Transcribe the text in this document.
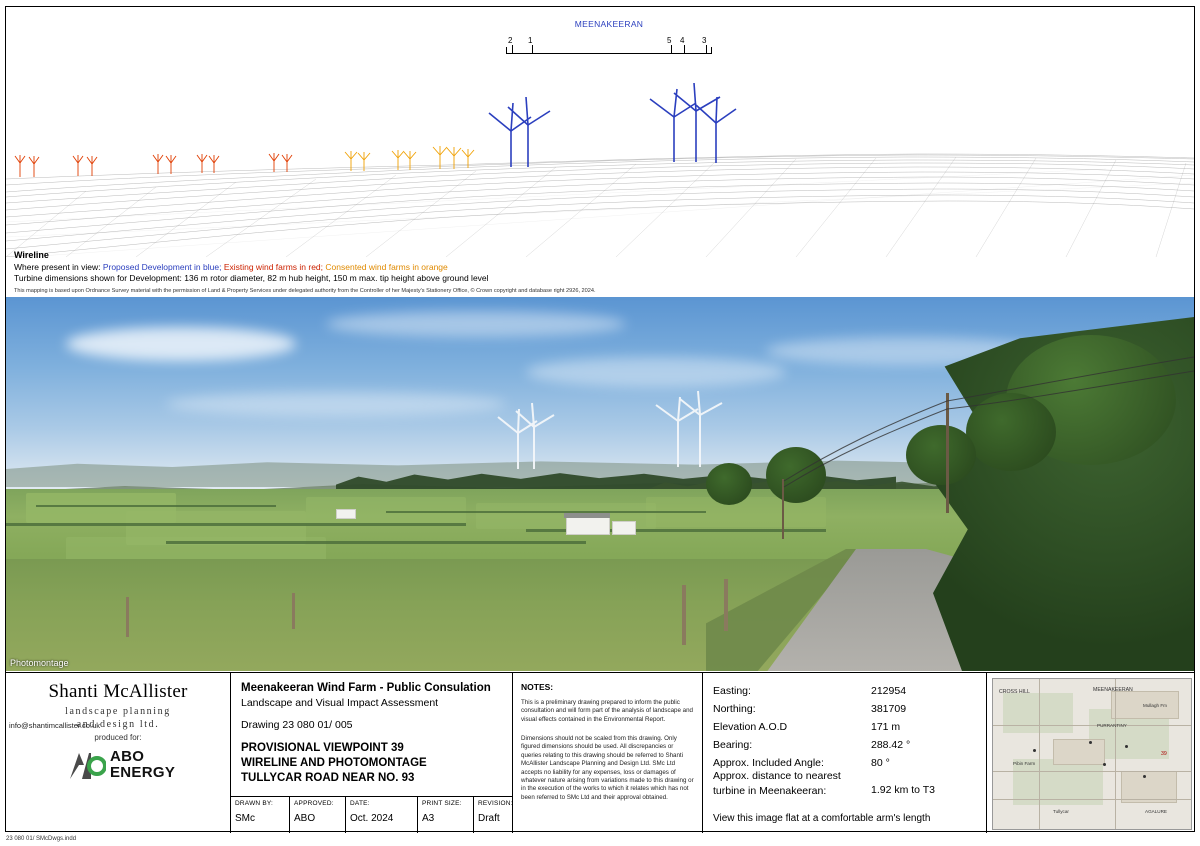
MEENAKEERAN
2 1	5 4 3
Wireline
Where present in view: Proposed Development in blue; Existing wind farms in red; Consented wind farms in orange
Turbine dimensions shown for Development: 136 m rotor diameter, 82 m hub height, 150 m max. tip height above ground level
This mapping is based upon Ordnance Survey material with the permission of Land & Property Services under delegated authority from the Controller of her Majesty's Stationery Office, © Crown copyright and database right 2926, 2024.
Photomontage
Shanti McAllister
landscape planning
and design ltd.
info@shantimcallister.co.uk
produced for:
ABO
ENERGY
Meenakeeran Wind Farm - Public Consulation
Landscape and Visual Impact Assessment
Drawing 23 080 01/ 005
PROVISIONAL VIEWPOINT 39
WIRELINE AND PHOTOMONTAGE
TULLYCAR ROAD NEAR NO. 93
DRAWN BY:
SMc
APPROVED:
ABO
DATE:
Oct. 2024
PRINT SIZE:
A3
REVISION:
Draft
NOTES:
This is a preliminary drawing prepared to inform the public consultation and will form part of the analysis of landscape and visual effects contained in the Environmental Report.
Dimensions should not be scaled from this drawing. Only figured dimensions should be used. All discrepancies or queries relating to this drawing should be referred to Shanti McAllister Landscape Planning and Design Ltd. SMc Ltd accepts no liability for any expenses, loss or damages of whatever nature arising from variations made to this drawing or in the execution of the works to which it relates which has not been referred to SMc Ltd and their approval obtained.
Easting:	212954
Northing:	381709
Elevation A.O.D	171 m
Bearing:	288.42 °
Approx. Included Angle:	80 °
Approx. distance to nearest
turbine in Meenakeeran:	1.92 km to T3
View this image flat at a comfortable arm's length
CROSS HILL	MEENAKEERAN
PURRANTINY
Pibin Farm
Mullagh Fm
AGALURE
Tullycar
39
23 080 01/ SMcDwgs.indd
